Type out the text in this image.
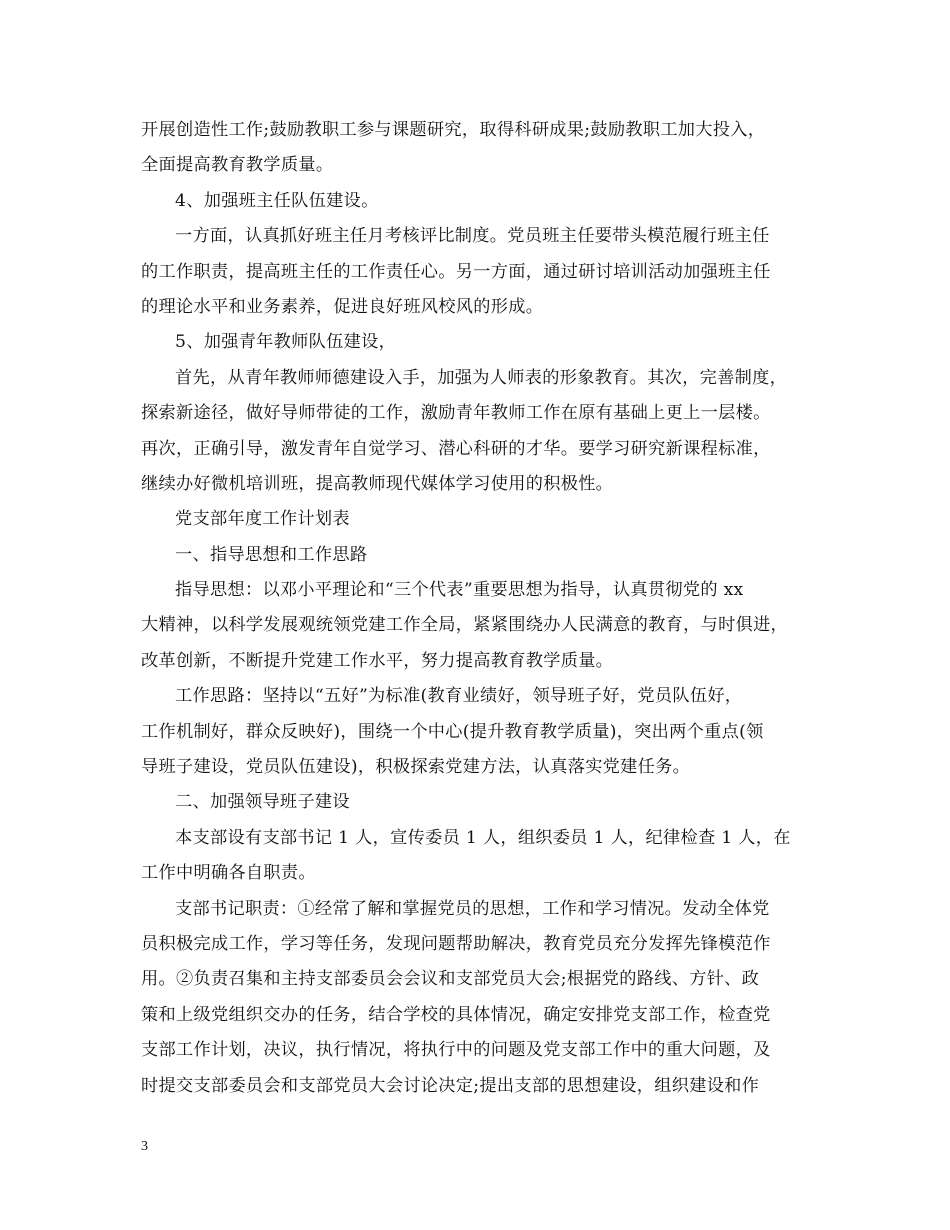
开展创造性工作;鼓励教职工参与课题研究，取得科研成果;鼓励教职工加大投入，
全面提高教育教学质量。
4、加强班主任队伍建设。
一方面，认真抓好班主任月考核评比制度。党员班主任要带头模范履行班主任
的工作职责，提高班主任的工作责任心。另一方面，通过研讨培训活动加强班主任
的理论水平和业务素养，促进良好班风校风的形成。
5、加强青年教师队伍建设，
首先，从青年教师师德建设入手，加强为人师表的形象教育。其次，完善制度，
探索新途径，做好导师带徒的工作，激励青年教师工作在原有基础上更上一层楼。
再次，正确引导，激发青年自觉学习、潜心科研的才华。要学习研究新课程标准，
继续办好微机培训班，提高教师现代媒体学习使用的积极性。
党支部年度工作计划表
一、指导思想和工作思路
指导思想：以邓小平理论和“三个代表”重要思想为指导，认真贯彻党的 xx
大精神，以科学发展观统领党建工作全局，紧紧围绕办人民满意的教育，与时俱进，
改革创新，不断提升党建工作水平，努力提高教育教学质量。
工作思路：坚持以“五好”为标准(教育业绩好，领导班子好，党员队伍好，
工作机制好，群众反映好)，围绕一个中心(提升教育教学质量)，突出两个重点(领
导班子建设，党员队伍建设)，积极探索党建方法，认真落实党建任务。
二、加强领导班子建设
本支部设有支部书记 1 人，宣传委员 1 人，组织委员 1 人，纪律检查 1 人，在
工作中明确各自职责。
支部书记职责：①经常了解和掌握党员的思想，工作和学习情况。发动全体党
员积极完成工作，学习等任务，发现问题帮助解决，教育党员充分发挥先锋模范作
用。②负责召集和主持支部委员会会议和支部党员大会;根据党的路线、方针、政
策和上级党组织交办的任务，结合学校的具体情况，确定安排党支部工作，检查党
支部工作计划，决议，执行情况，将执行中的问题及党支部工作中的重大问题，及
时提交支部委员会和支部党员大会讨论决定;提出支部的思想建设，组织建设和作
3
